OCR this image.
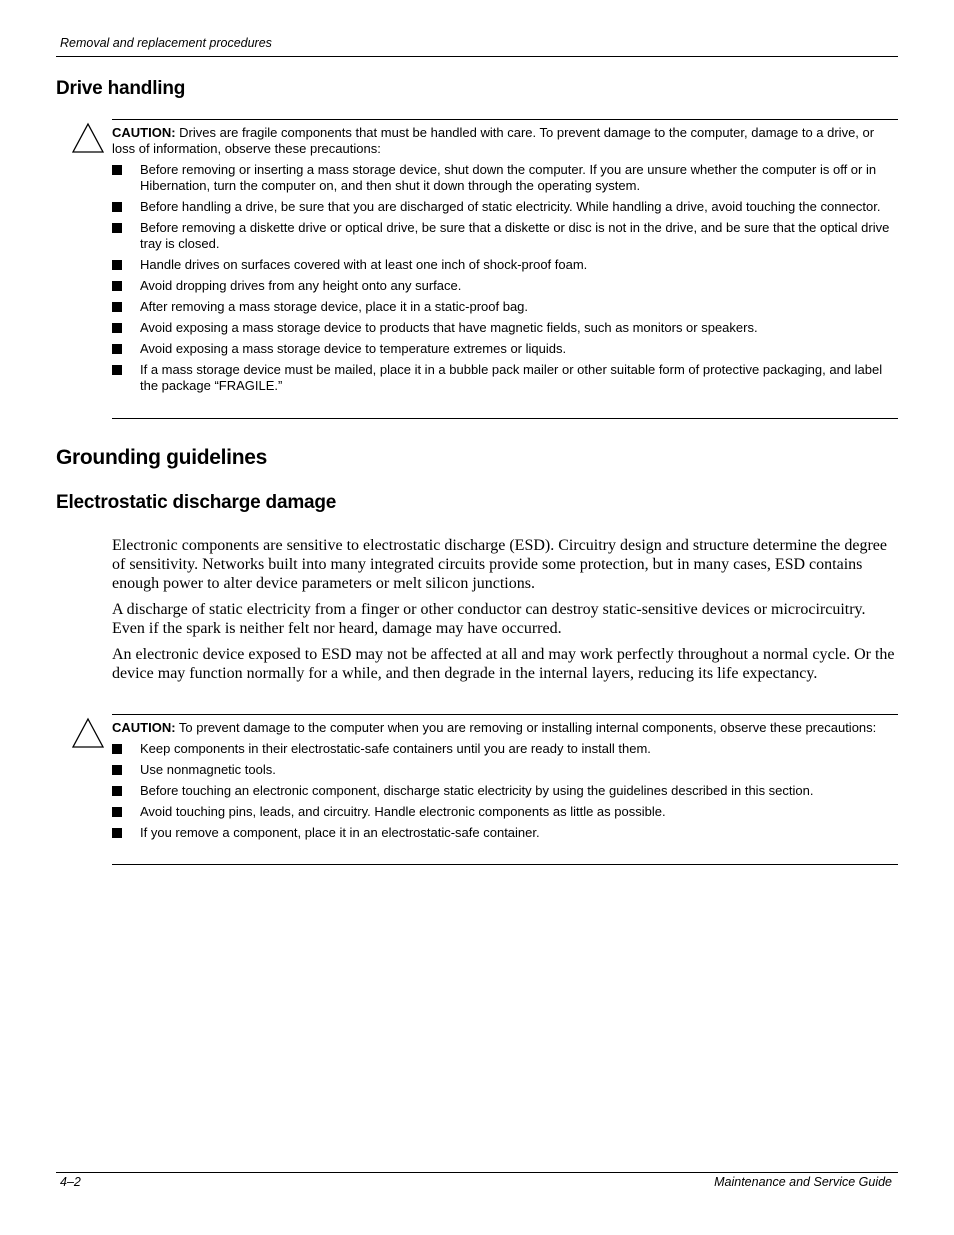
Removal and replacement procedures
Drive handling

CAUTION: Drives are fragile components that must be handled with care. To prevent damage to the computer, damage to a drive, or loss of information, observe these precautions:

Before removing or inserting a mass storage device, shut down the computer. If you are unsure whether the computer is off or in Hibernation, turn the computer on, and then shut it down through the operating system.
Before handling a drive, be sure that you are discharged of static electricity. While handling a drive, avoid touching the connector.
Before removing a diskette drive or optical drive, be sure that a diskette or disc is not in the drive, and be sure that the optical drive tray is closed.
Handle drives on surfaces covered with at least one inch of shock-proof foam.
Avoid dropping drives from any height onto any surface.
After removing a mass storage device, place it in a static-proof bag.
Avoid exposing a mass storage device to products that have magnetic fields, such as monitors or speakers.
Avoid exposing a mass storage device to temperature extremes or liquids.
If a mass storage device must be mailed, place it in a bubble pack mailer or other suitable form of protective packaging, and label the package “FRAGILE.”
Grounding guidelines
Electrostatic discharge damage

Electronic components are sensitive to electrostatic discharge (ESD). Circuitry design and structure determine the degree of sensitivity. Networks built into many integrated circuits provide some protection, but in many cases, ESD contains enough power to alter device parameters or melt silicon junctions.

A discharge of static electricity from a finger or other conductor can destroy static-sensitive devices or microcircuitry. Even if the spark is neither felt nor heard, damage may have occurred.

An electronic device exposed to ESD may not be affected at all and may work perfectly throughout a normal cycle. Or the device may function normally for a while, and then degrade in the internal layers, reducing its life expectancy.

CAUTION: To prevent damage to the computer when you are removing or installing internal components, observe these precautions:

Keep components in their electrostatic-safe containers until you are ready to install them.
Use nonmagnetic tools.
Before touching an electronic component, discharge static electricity by using the guidelines described in this section.
Avoid touching pins, leads, and circuitry. Handle electronic components as little as possible.
If you remove a component, place it in an electrostatic-safe container.
4–2	Maintenance and Service Guide
